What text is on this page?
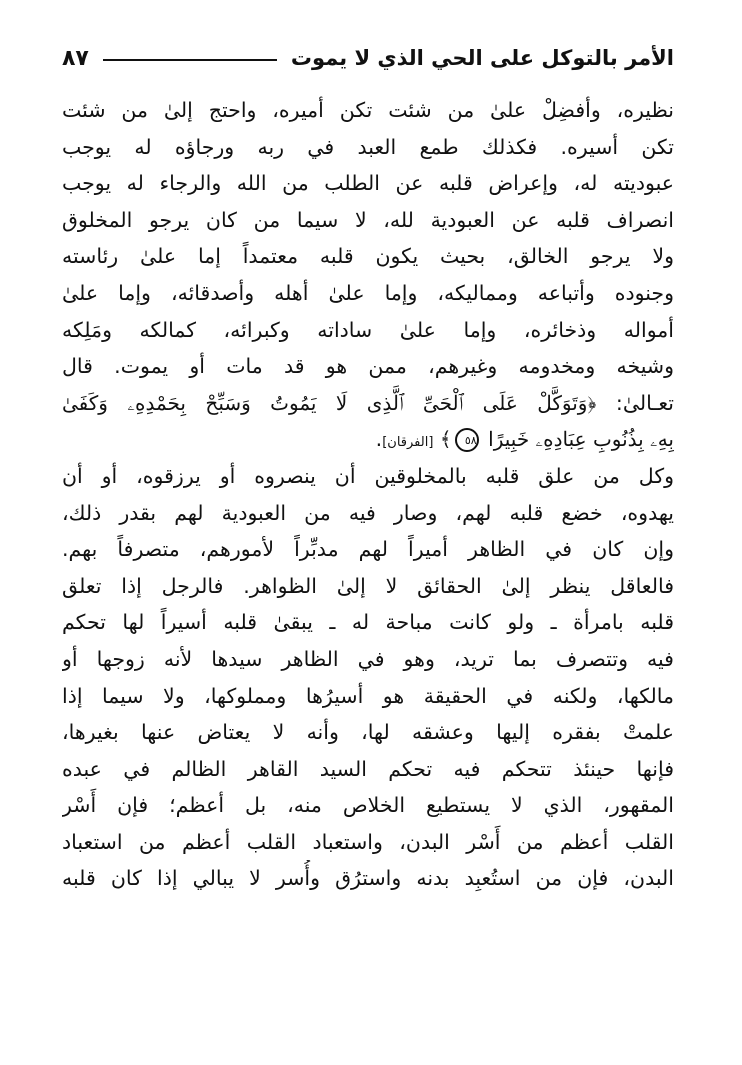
الأمر بالتوكل على الحي الذي لا يموت
٨٧
نظيره، وأفضِلْ علىٰ من شئت تكن أميره، واحتج إلىٰ من شئت
تكن أسيره. فكذلك طمع العبد في ربه ورجاؤه له يوجب
عبوديته له، وإعراض قلبه عن الطلب من الله والرجاء له يوجب
انصراف قلبه عن العبودية لله، لا سيما من كان يرجو المخلوق
ولا يرجو الخالق، بحيث يكون قلبه معتمداً إما علىٰ رئاسته
وجنوده وأتباعه ومماليكه، وإما علىٰ أهله وأصدقائه، وإما علىٰ
أمواله وذخائره، وإما علىٰ ساداته وكبرائه، كمالكه ومَلِكه
وشيخه ومخدومه وغيرهم، ممن هو قد مات أو يموت. قال
تعـالىٰ: ﴿وَتَوَكَّلْ عَلَى ٱلْحَىِّ ٱلَّذِى لَا يَمُوتُ وَسَبِّحْ بِحَمْدِهِۦ وَكَفَىٰ
بِهِۦ بِذُنُوبِ عِبَادِهِۦ خَبِيرًا ٥٨﴾ [الفرقان].
وكل من علق قلبه بالمخلوقين أن ينصروه أو يرزقوه، أو أن
يهدوه، خضع قلبه لهم، وصار فيه من العبودية لهم بقدر ذلك،
وإن كان في الظاهر أميراً لهم مدبِّراً لأمورهم، متصرفاً بهم.
فالعاقل ينظر إلىٰ الحقائق لا إلىٰ الظواهر. فالرجل إذا تعلق
قلبه بامرأة ـ ولو كانت مباحة له ـ يبقىٰ قلبه أسيراً لها تحكم
فيه وتتصرف بما تريد، وهو في الظاهر سيدها لأنه زوجها أو
مالكها، ولكنه في الحقيقة هو أسيرُها ومملوكها، ولا سيما إذا
علمتْ بفقره إليها وعشقه لها، وأنه لا يعتاض عنها بغيرها،
فإنها حينئذ تتحكم فيه تحكم السيد القاهر الظالم في عبده
المقهور، الذي لا يستطيع الخلاص منه، بل أعظم؛ فإن أَسْر
القلب أعظم من أَسْر البدن، واستعباد القلب أعظم من استعباد
البدن، فإن من استُعبِد بدنه واسترُق وأُسر لا يبالي إذا كان قلبه
